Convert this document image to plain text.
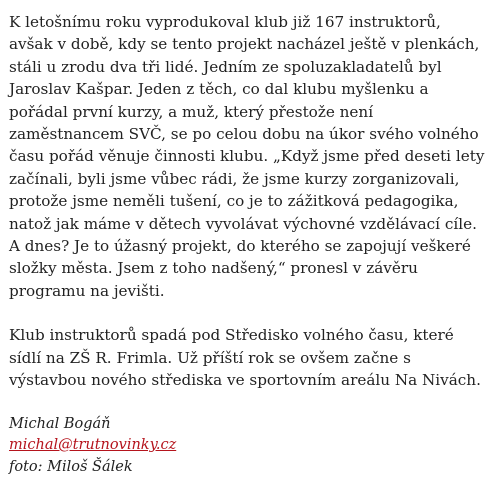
K letošnímu roku vyprodukoval klub již 167 instruktorů, avšak v době, kdy se tento projekt nacházel ještě v plenkách, stáli u zrodu dva tři lidé. Jedním ze spoluzakladatelů byl Jaroslav Kašpar. Jeden z těch, co dal klubu myšlenku a pořádal první kurzy, a muž, který přestože není zaměstnancem SVČ, se po celou dobu na úkor svého volného času pořád věnuje činnosti klubu. „Když jsme před deseti lety začínali, byli jsme vůbec rádi, že jsme kurzy zorganizovali, protože jsme neměli tušení, co je to zážitková pedagogika, natož jak máme v dětech vyvolávat výchovné vzdělávací cíle. A dnes? Je to úžasný projekt, do kterého se zapojují veškeré složky města. Jsem z toho nadšený,“ pronesl v závěru programu na jevišti.

Klub instruktorů spadá pod Středisko volného času, které sídlí na ZŠ R. Frimla. Už příští rok se ovšem začne s výstavbou nového střediska ve sportovním areálu Na Nivách.

Michal Bogáň
michal@trutnovinky.cz
foto: Miloš Šálek
